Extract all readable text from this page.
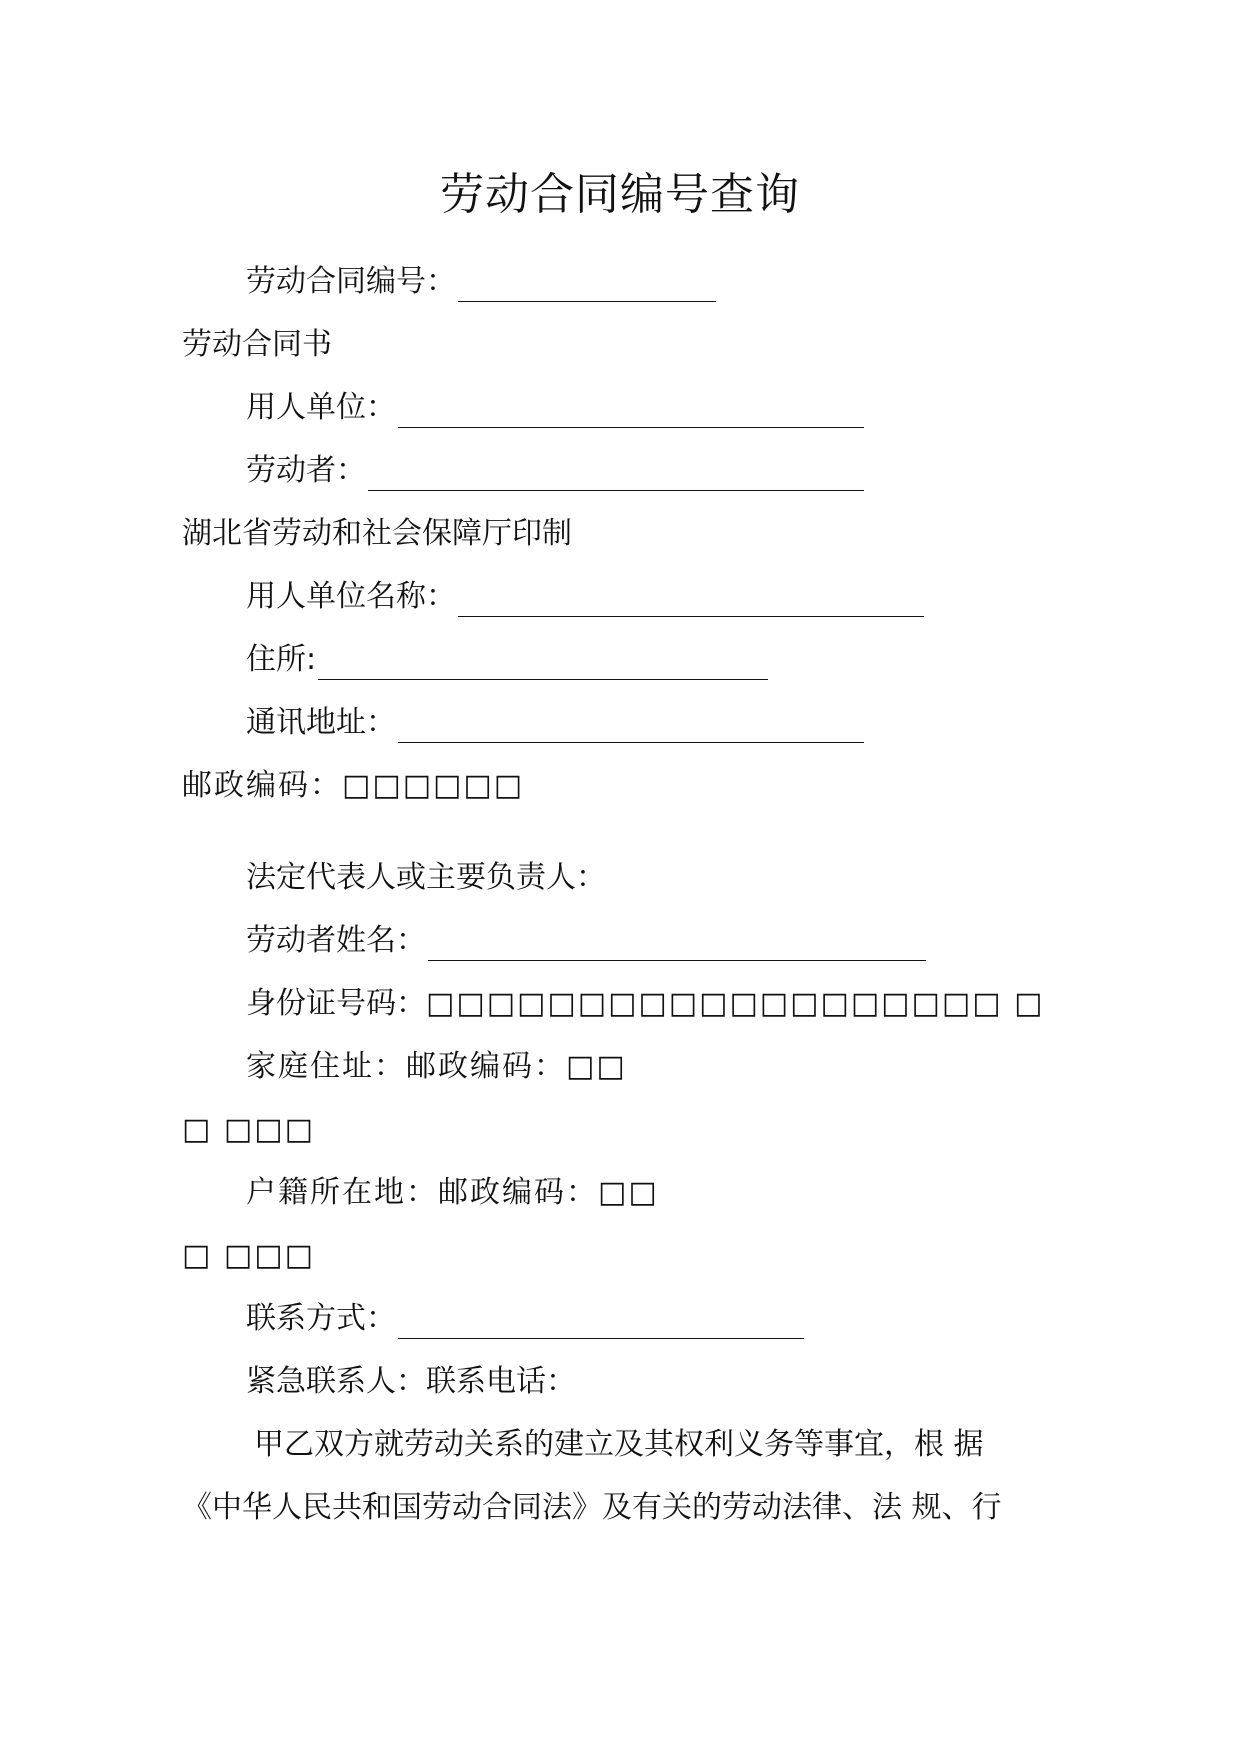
劳动合同编号查询
劳动合同编号：
劳动合同书
用人单位：
劳动者：
湖北省劳动和社会保障厅印制
用人单位名称：
住所:
通讯地址：
邮政编码：□□□□□□
法定代表人或主要负责人：
劳动者姓名：
身份证号码： □□□□□□□□□□□□□□□□□□□ □
家庭住址：邮政编码：□□
□ □□□
户籍所在地：邮政编码：□□
□ □□□
联系方式：
紧急联系人：联系电话：
甲乙双方就劳动关系的建立及其权利义务等事宜，根 据
《中华人民共和国劳动合同法》及有关的劳动法律、法 规、行
